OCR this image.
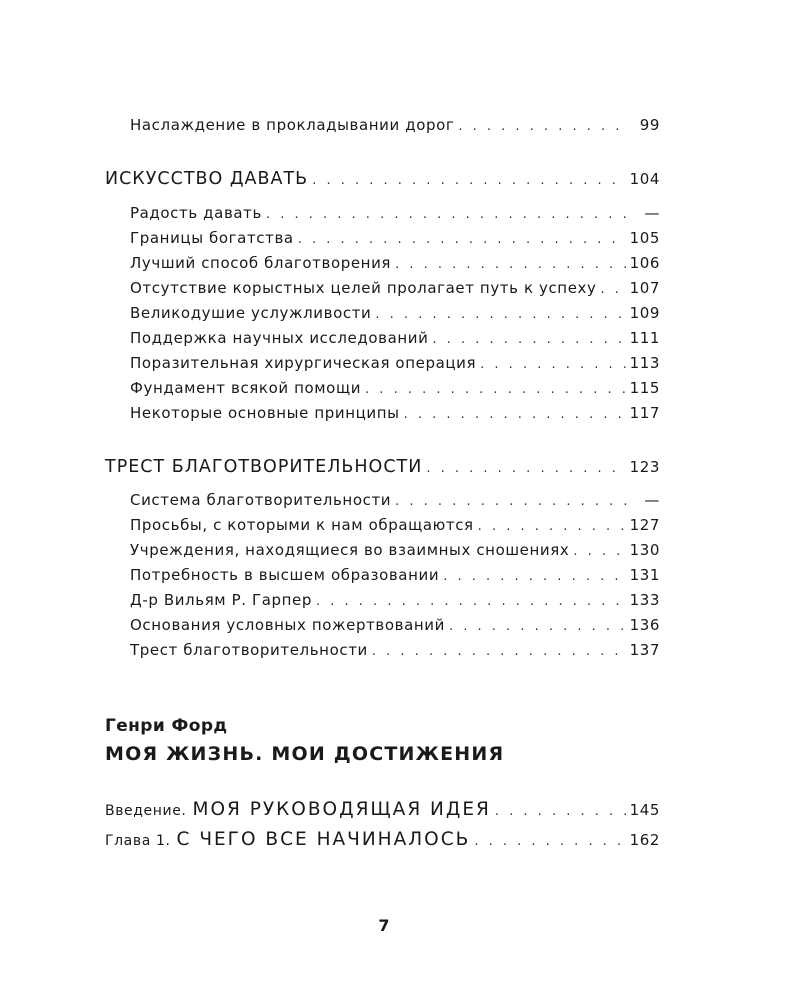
Наслаждение в прокладывании дорог . . .	99
ИСКУССТВО ДАВАТЬ . . .	104
Радость давать . . .	—
Границы богатства . . .	105
Лучший способ благотворения . . .	106
Отсутствие корыстных целей пролагает путь к успеху . . . 107
Великодушие услужливости . . .	109
Поддержка научных исследований . . .	111
Поразительная хирургическая операция . . .	113
Фундамент всякой помощи . . .	115
Некоторые основные принципы . . .	117
ТРЕСТ БЛАГОТВОРИТЕЛЬНОСТИ . . .	123
Система благотворительности . . .	—
Просьбы, с которыми к нам обращаются . . .	127
Учреждения, находящиеся во взаимных сношениях . . .	130
Потребность в высшем образовании . . .	131
Д-р Вильям Р. Гарпер . . .	133
Основания условных пожертвований . . .	136
Трест благотворительности . . .	137
Генри Форд
МОЯ ЖИЗНЬ. МОИ ДОСТИЖЕНИЯ
Введение. МОЯ РУКОВОДЯЩАЯ ИДЕЯ . . .	145
Глава 1. С ЧЕГО ВСЕ НАЧИНАЛОСЬ . . .	162
7
